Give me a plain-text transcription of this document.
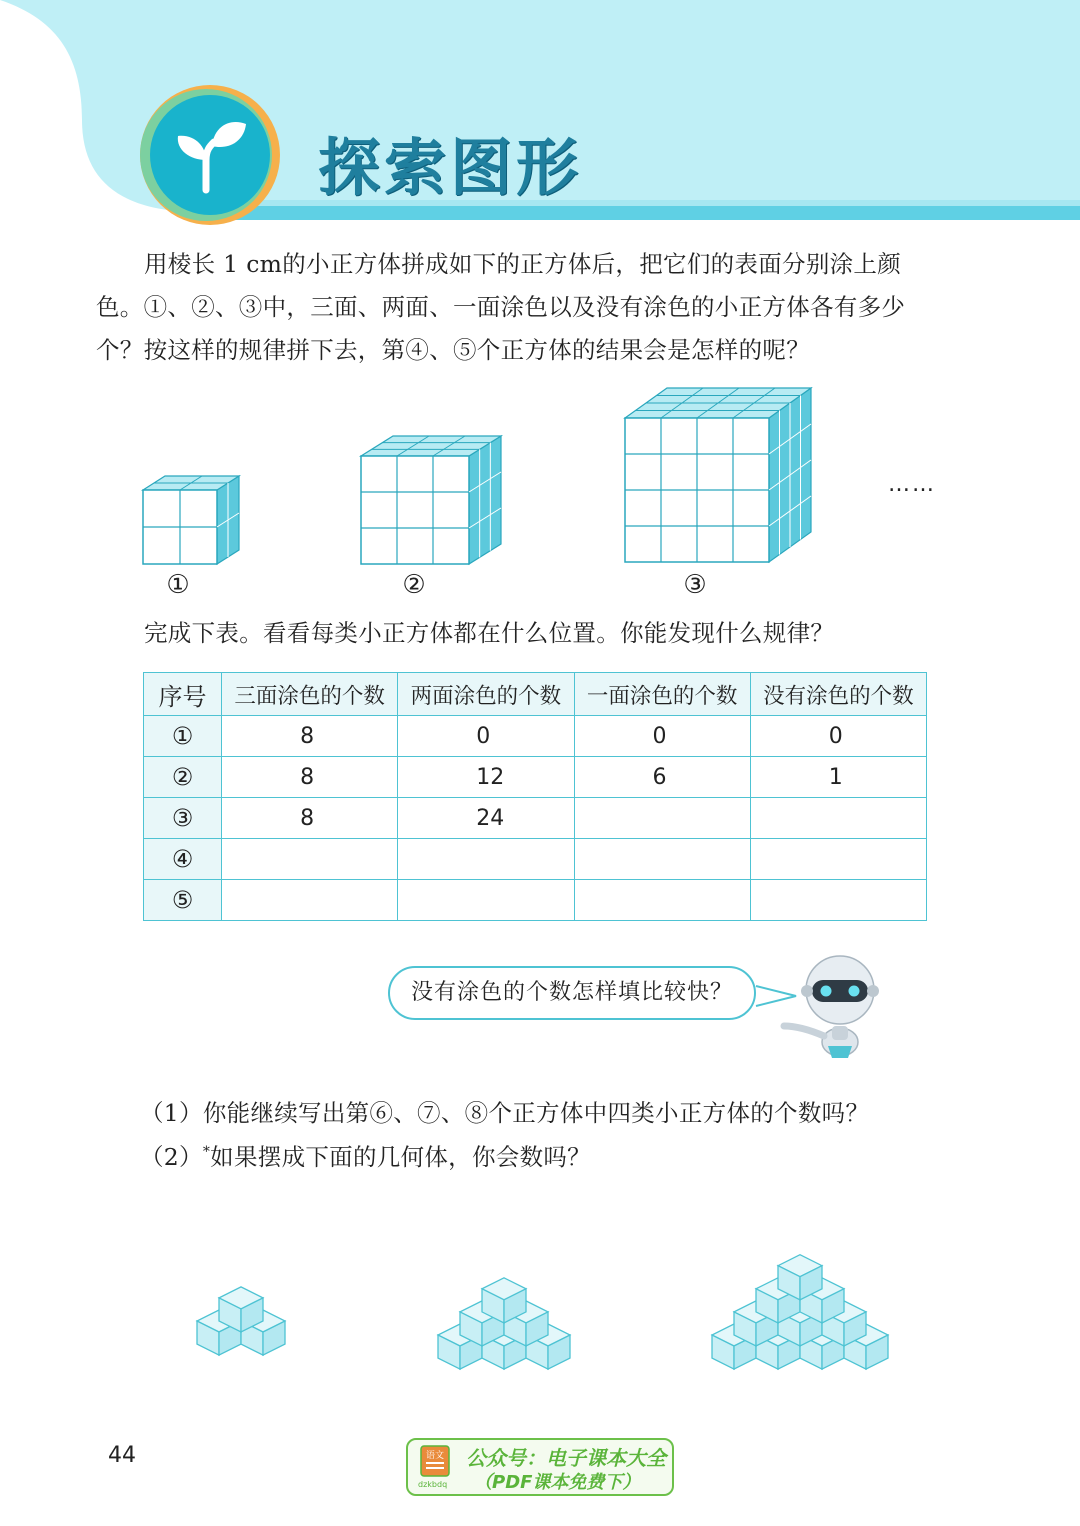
探索图形
用棱长 1 cm的小正方体拼成如下的正方体后，把它们的表面分别涂上颜
色。①、②、③中，三面、两面、一面涂色以及没有涂色的小正方体各有多少
个？按这样的规律拼下去，第④、⑤个正方体的结果会是怎样的呢？
①	②	③
……
完成下表。看看每类小正方体都在什么位置。你能发现什么规律？
序号	三面涂色的个数	两面涂色的个数	一面涂色的个数	没有涂色的个数
①	8	0	0	0
②	8	12	6	1
③	8	24		
④				
⑤				
没有涂色的个数怎样填比较快？
（1）你能继续写出第⑥、⑦、⑧个正方体中四类小正方体的个数吗？
（2）*如果摆成下面的几何体，你会数吗？
44	语文
dzkbdq
公众号：电子课本大全
（PDF课本免费下）
